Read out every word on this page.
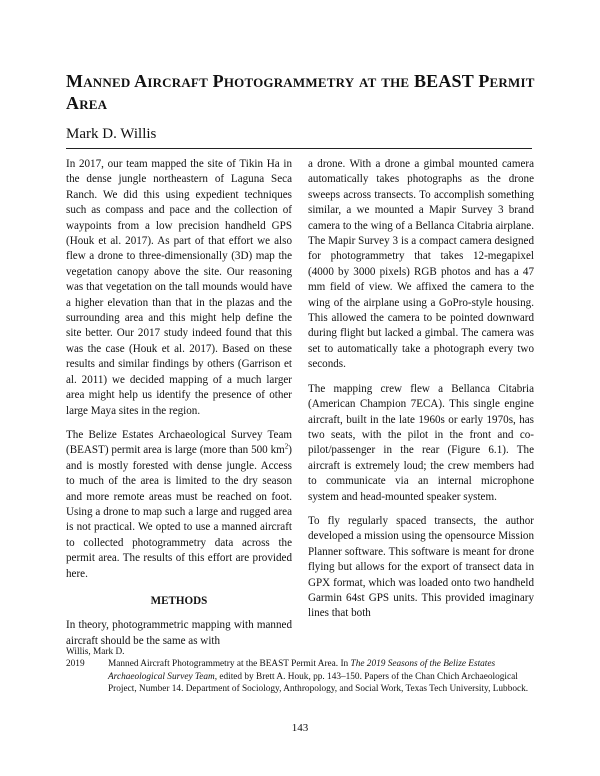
Manned Aircraft Photogrammetry at the BEAST Permit Area
Mark D. Willis

In 2017, our team mapped the site of Tikin Ha in the dense jungle northeastern of Laguna Seca Ranch. We did this using expedient techniques such as compass and pace and the collection of waypoints from a low precision handheld GPS (Houk et al. 2017). As part of that effort we also flew a drone to three-dimensionally (3D) map the vegetation canopy above the site. Our reasoning was that vegetation on the tall mounds would have a higher elevation than that in the plazas and the surrounding area and this might help define the site better. Our 2017 study indeed found that this was the case (Houk et al. 2017). Based on these results and similar findings by others (Garrison et al. 2011) we decided mapping of a much larger area might help us identify the presence of other large Maya sites in the region.

The Belize Estates Archaeological Survey Team (BEAST) permit area is large (more than 500 $km^2$) and is mostly forested with dense jungle. Access to much of the area is limited to the dry season and more remote areas must be reached on foot. Using a drone to map such a large and rugged area is not practical. We opted to use a manned aircraft to collected photogrammetry data across the permit area. The results of this effort are provided here.

METHODS

In theory, photogrammetric mapping with manned aircraft should be the same as with

a drone. With a drone a gimbal mounted camera automatically takes photographs as the drone sweeps across transects. To accomplish something similar, a we mounted a Mapir Survey 3 brand camera to the wing of a Bellanca Citabria airplane. The Mapir Survey 3 is a compact camera designed for photogrammetry that takes 12-megapixel (4000 by 3000 pixels) RGB photos and has a 47 mm field of view. We affixed the camera to the wing of the airplane using a GoPro-style housing. This allowed the camera to be pointed downward during flight but lacked a gimbal. The camera was set to automatically take a photograph every two seconds.

The mapping crew flew a Bellanca Citabria (American Champion 7ECA). This single engine aircraft, built in the late 1960s or early 1970s, has two seats, with the pilot in the front and co-pilot/passenger in the rear (Figure 6.1). The aircraft is extremely loud; the crew members had to communicate via an internal microphone system and head-mounted speaker system.

To fly regularly spaced transects, the author developed a mission using the opensource Mission Planner software. This software is meant for drone flying but allows for the export of transect data in GPX format, which was loaded onto two handheld Garmin 64st GPS units. This provided imaginary lines that both

Willis, Mark D.

2019	Manned Aircraft Photogrammetry at the BEAST Permit Area. In The 2019 Seasons of the Belize Estates Archaeological Survey Team, edited by Brett A. Houk, pp. 143–150. Papers of the Chan Chich Archaeological Project, Number 14. Department of Sociology, Anthropology, and Social Work, Texas Tech University, Lubbock.
143
